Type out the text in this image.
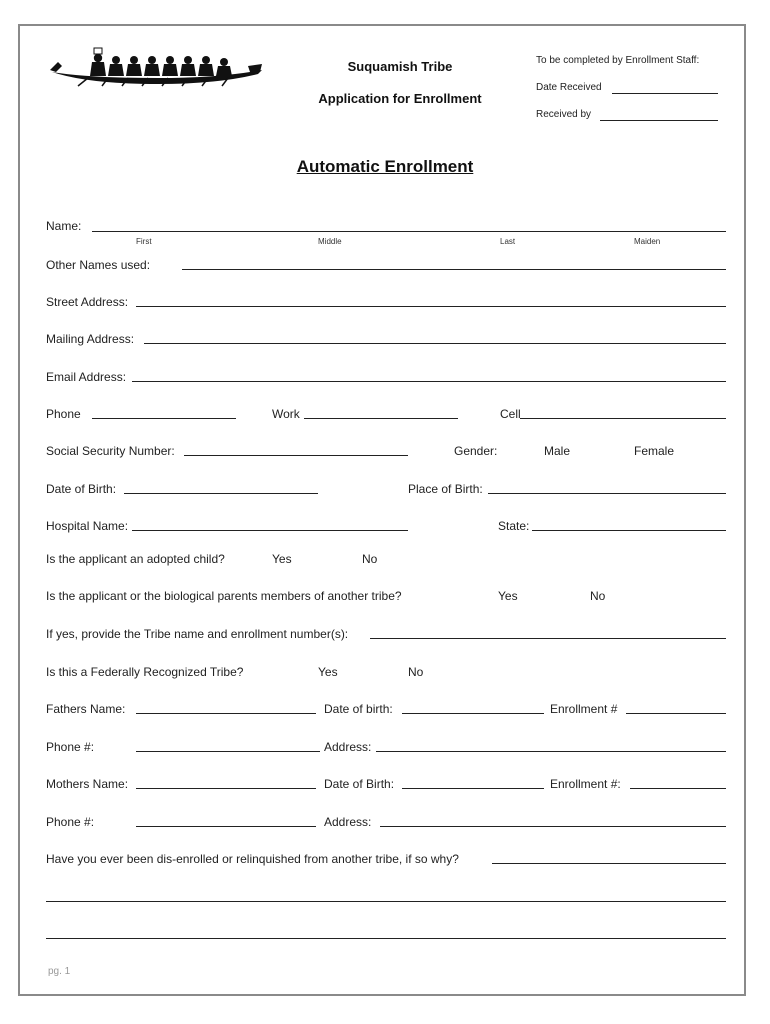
Suquamish Tribe
Application for Enrollment
To be completed by Enrollment Staff:
Date Received
Received by
Automatic Enrollment
Name:
First	Middle	Last	Maiden
Other Names used:
Street Address:
Mailing Address:
Email Address:
Phone	Work	Cell
Social Security Number:	Gender:	Male	Female
Date of Birth:	Place of Birth:
Hospital Name:	State:
Is the applicant an adopted child?	Yes	No
Is the applicant or the biological parents members of another tribe?	Yes	No
If yes, provide the Tribe name and enrollment number(s):
Is this a Federally Recognized Tribe?	Yes	No
Fathers Name:	Date of birth:	Enrollment #
Phone #:	Address:
Mothers Name:	Date of Birth:	Enrollment #:
Phone #:	Address:
Have you ever been dis-enrolled or relinquished from another tribe, if so why?
pg. 1
